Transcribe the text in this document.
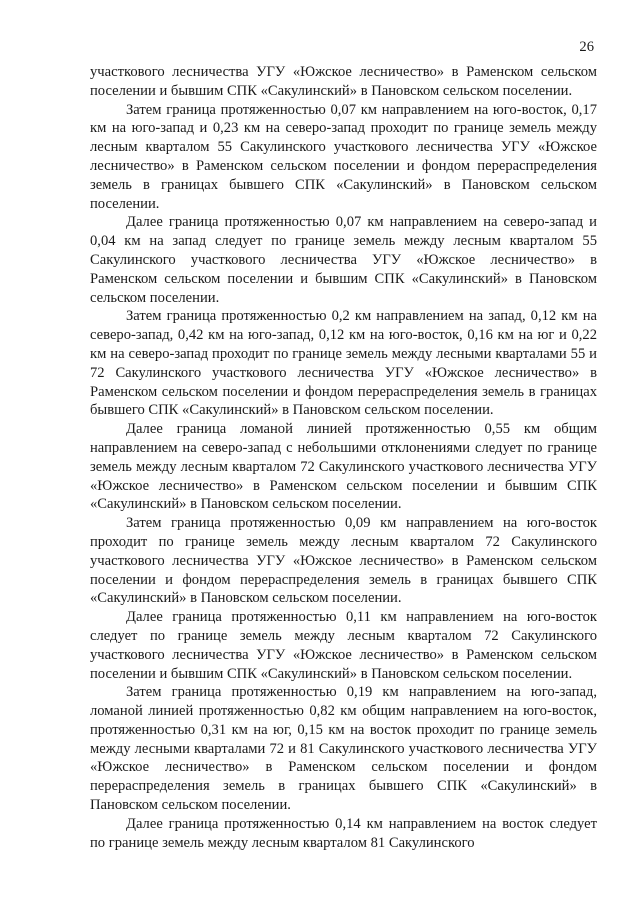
26

участкового лесничества УГУ «Южское лесничество» в Раменском сельском поселении и бывшим СПК «Сакулинский» в Пановском сельском поселении.

Затем граница протяженностью 0,07 км направлением на юго-восток, 0,17 км на юго-запад и 0,23 км на северо-запад проходит по границе земель между лесным кварталом 55 Сакулинского участкового лесничества УГУ «Южское лесничество» в Раменском сельском поселении и фондом перераспределения земель в границах бывшего СПК «Сакулинский» в Пановском сельском поселении.

Далее граница протяженностью 0,07 км направлением на северо-запад и 0,04 км на запад следует по границе земель между лесным кварталом 55 Сакулинского участкового лесничества УГУ «Южское лесничество» в Раменском сельском поселении и бывшим СПК «Сакулинский» в Пановском сельском поселении.

Затем граница протяженностью 0,2 км направлением на запад, 0,12 км на северо-запад, 0,42 км на юго-запад, 0,12 км на юго-восток, 0,16 км на юг и 0,22 км на северо-запад проходит по границе земель между лесными кварталами 55 и 72 Сакулинского участкового лесничества УГУ «Южское лесничество» в Раменском сельском поселении и фондом перераспределения земель в границах бывшего СПК «Сакулинский» в Пановском сельском поселении.

Далее граница ломаной линией протяженностью 0,55 км общим направлением на северо-запад с небольшими отклонениями следует по границе земель между лесным кварталом 72 Сакулинского участкового лесничества УГУ «Южское лесничество» в Раменском сельском поселении и бывшим СПК «Сакулинский» в Пановском сельском поселении.

Затем граница протяженностью 0,09 км направлением на юго-восток проходит по границе земель между лесным кварталом 72 Сакулинского участкового лесничества УГУ «Южское лесничество» в Раменском сельском поселении и фондом перераспределения земель в границах бывшего СПК «Сакулинский» в Пановском сельском поселении.

Далее граница протяженностью 0,11 км направлением на юго-восток следует по границе земель между лесным кварталом 72 Сакулинского участкового лесничества УГУ «Южское лесничество» в Раменском сельском поселении и бывшим СПК «Сакулинский» в Пановском сельском поселении.

Затем граница протяженностью 0,19 км направлением на юго-запад, ломаной линией протяженностью 0,82 км общим направлением на юго-восток, протяженностью 0,31 км на юг, 0,15 км на восток проходит по границе земель между лесными кварталами 72 и 81 Сакулинского участкового лесничества УГУ «Южское лесничество» в Раменском сельском поселении и фондом перераспределения земель в границах бывшего СПК «Сакулинский» в Пановском сельском поселении.

Далее граница протяженностью 0,14 км направлением на восток следует по границе земель между лесным кварталом 81 Сакулинского
